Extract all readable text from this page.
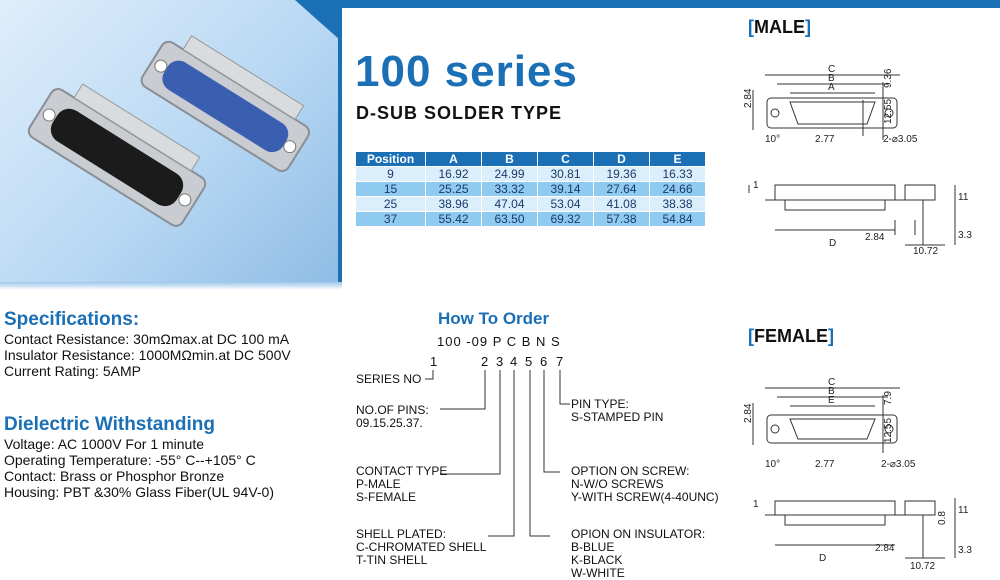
100 series
D-SUB SOLDER TYPE
Position	A	B	C	D	E
9	16.92	24.99	30.81	19.36	16.33
15	25.25	33.32	39.14	27.64	24.66
25	38.96	47.04	53.04	41.08	38.38
37	55.42	63.50	69.32	57.38	54.84
[MALE]
C
B
A
2.84
9.36
12.55
10°	2.77	2-⌀3.05
1
11
2.84	3.3
10.72
D
[FEMALE]
C
B
E
2.84
7.9
12.55
10°	2.77	2-⌀3.05
1
0.8
11
2.84	3.3
10.72
D
Specifications:
Contact Resistance: 30mΩmax.at DC 100 mA
Insulator Resistance: 1000MΩmin.at DC 500V
Current Rating: 5AMP
Dielectric Withstanding
Voltage: AC 1000V For 1 minute
Operating Temperature: -55° C--+105° C
Contact: Brass or Phosphor Bronze
Housing: PBT &30% Glass Fiber(UL 94V-0)
How To Order
100 -09 P C B N S
1	2 3 4 5 6 7
SERIES NO
NO.OF PINS:
09.15.25.37.
CONTACT TYPE
P-MALE
S-FEMALE
SHELL PLATED:
C-CHROMATED SHELL
T-TIN SHELL
PIN TYPE:
S-STAMPED PIN
OPTION ON SCREW:
N-W/O SCREWS
Y-WITH SCREW(4-40UNC)
OPION ON INSULATOR:
B-BLUE
K-BLACK
W-WHITE
